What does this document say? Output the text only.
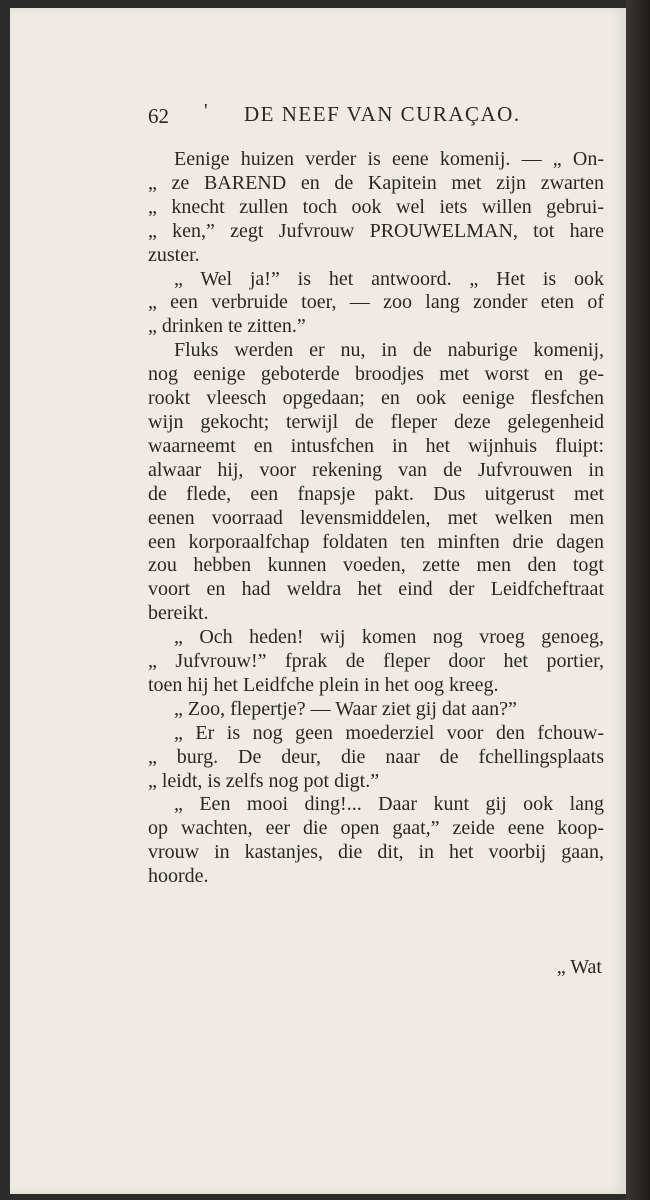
62 ' DE NEEF VAN CURAÇAO.
Eenige huizen verder is eene komenij. — „ On-
„ ze BAREND en de Kapitein met zijn zwarten
„ knecht zullen toch ook wel iets willen gebrui-
„ ken,” zegt Jufvrouw PROUWELMAN, tot hare
zuster.
„ Wel ja!” is het antwoord. „ Het is ook
„ een verbruide toer, — zoo lang zonder eten of
„ drinken te zitten.”
Fluks werden er nu, in de naburige komenij,
nog eenige geboterde broodjes met worst en ge-
rookt vleesch opgedaan; en ook eenige flesfchen
wijn gekocht; terwijl de fleper deze gelegenheid
waarneemt en intusfchen in het wijnhuis fluipt:
alwaar hij, voor rekening van de Jufvrouwen in
de flede, een fnapsje pakt. Dus uitgerust met
eenen voorraad levensmiddelen, met welken men
een korporaalfchap foldaten ten minften drie dagen
zou hebben kunnen voeden, zette men den togt
voort en had weldra het eind der Leidfcheftraat
bereikt.
„ Och heden! wij komen nog vroeg genoeg,
„ Jufvrouw!” fprak de fleper door het portier,
toen hij het Leidfche plein in het oog kreeg.
„ Zoo, flepertje? — Waar ziet gij dat aan?”
„ Er is nog geen moederziel voor den fchouw-
„ burg. De deur, die naar de fchellingsplaats
„ leidt, is zelfs nog pot digt.”
„ Een mooi ding!... Daar kunt gij ook lang
op wachten, eer die open gaat,” zeide eene koop-
vrouw in kastanjes, die dit, in het voorbij gaan,
hoorde.
„ Wat
